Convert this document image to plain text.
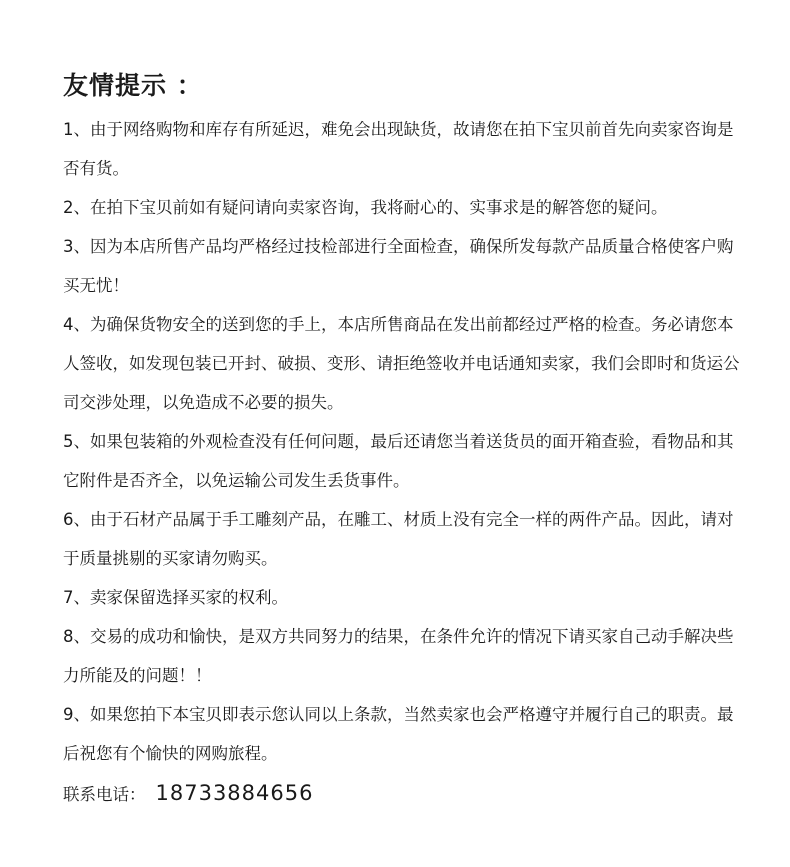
友情提示 ：
1、由于网络购物和库存有所延迟，难免会出现缺货，故请您在拍下宝贝前首先向卖家咨询是否有货。
2、在拍下宝贝前如有疑问请向卖家咨询，我将耐心的、实事求是的解答您的疑问。
3、因为本店所售产品均严格经过技检部进行全面检查，确保所发每款产品质量合格使客户购买无忧！
4、为确保货物安全的送到您的手上，本店所售商品在发出前都经过严格的检查。务必请您本人签收，如发现包装已开封、破损、变形、请拒绝签收并电话通知卖家，我们会即时和货运公司交涉处理，以免造成不必要的损失。
5、如果包装箱的外观检查没有任何问题，最后还请您当着送货员的面开箱查验，看物品和其它附件是否齐全，以免运输公司发生丢货事件。
6、由于石材产品属于手工雕刻产品，在雕工、材质上没有完全一样的两件产品。因此，请对于质量挑剔的买家请勿购买。
7、卖家保留选择买家的权利。
8、交易的成功和愉快，是双方共同努力的结果，在条件允许的情况下请买家自己动手解决些力所能及的问题！！
9、如果您拍下本宝贝即表示您认同以上条款，当然卖家也会严格遵守并履行自己的职责。最后祝您有个愉快的网购旅程。
联系电话： 18733884656
